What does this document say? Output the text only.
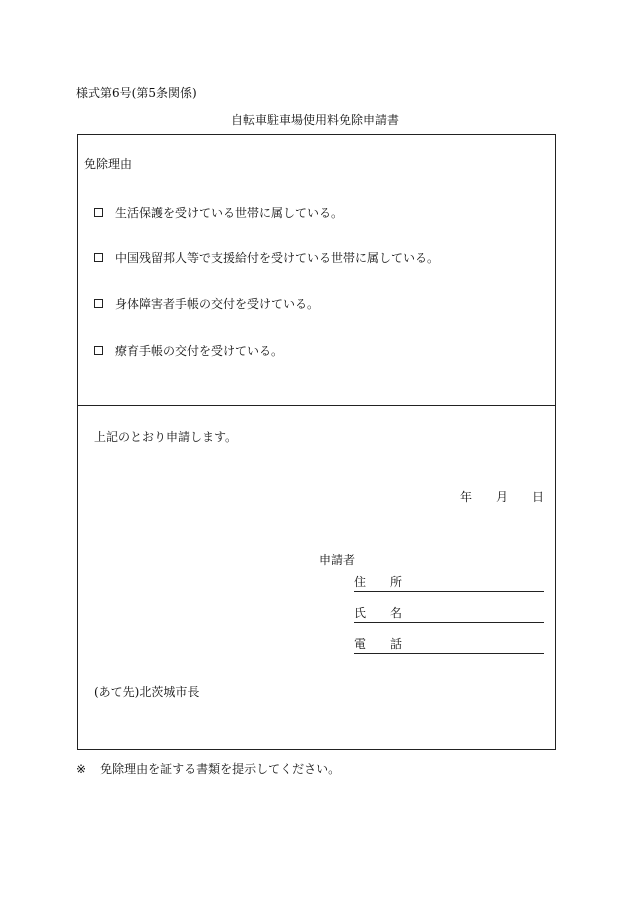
様式第6号(第5条関係)
自転車駐車場使用料免除申請書
免除理由
生活保護を受けている世帯に属している。
中国残留邦人等で支援給付を受けている世帯に属している。
身体障害者手帳の交付を受けている。
療育手帳の交付を受けている。
上記のとおり申請します。
年	月	日
申請者
住 所
氏 名
電 話
(あて先)北茨城市長
※ 免除理由を証する書類を提示してください。
